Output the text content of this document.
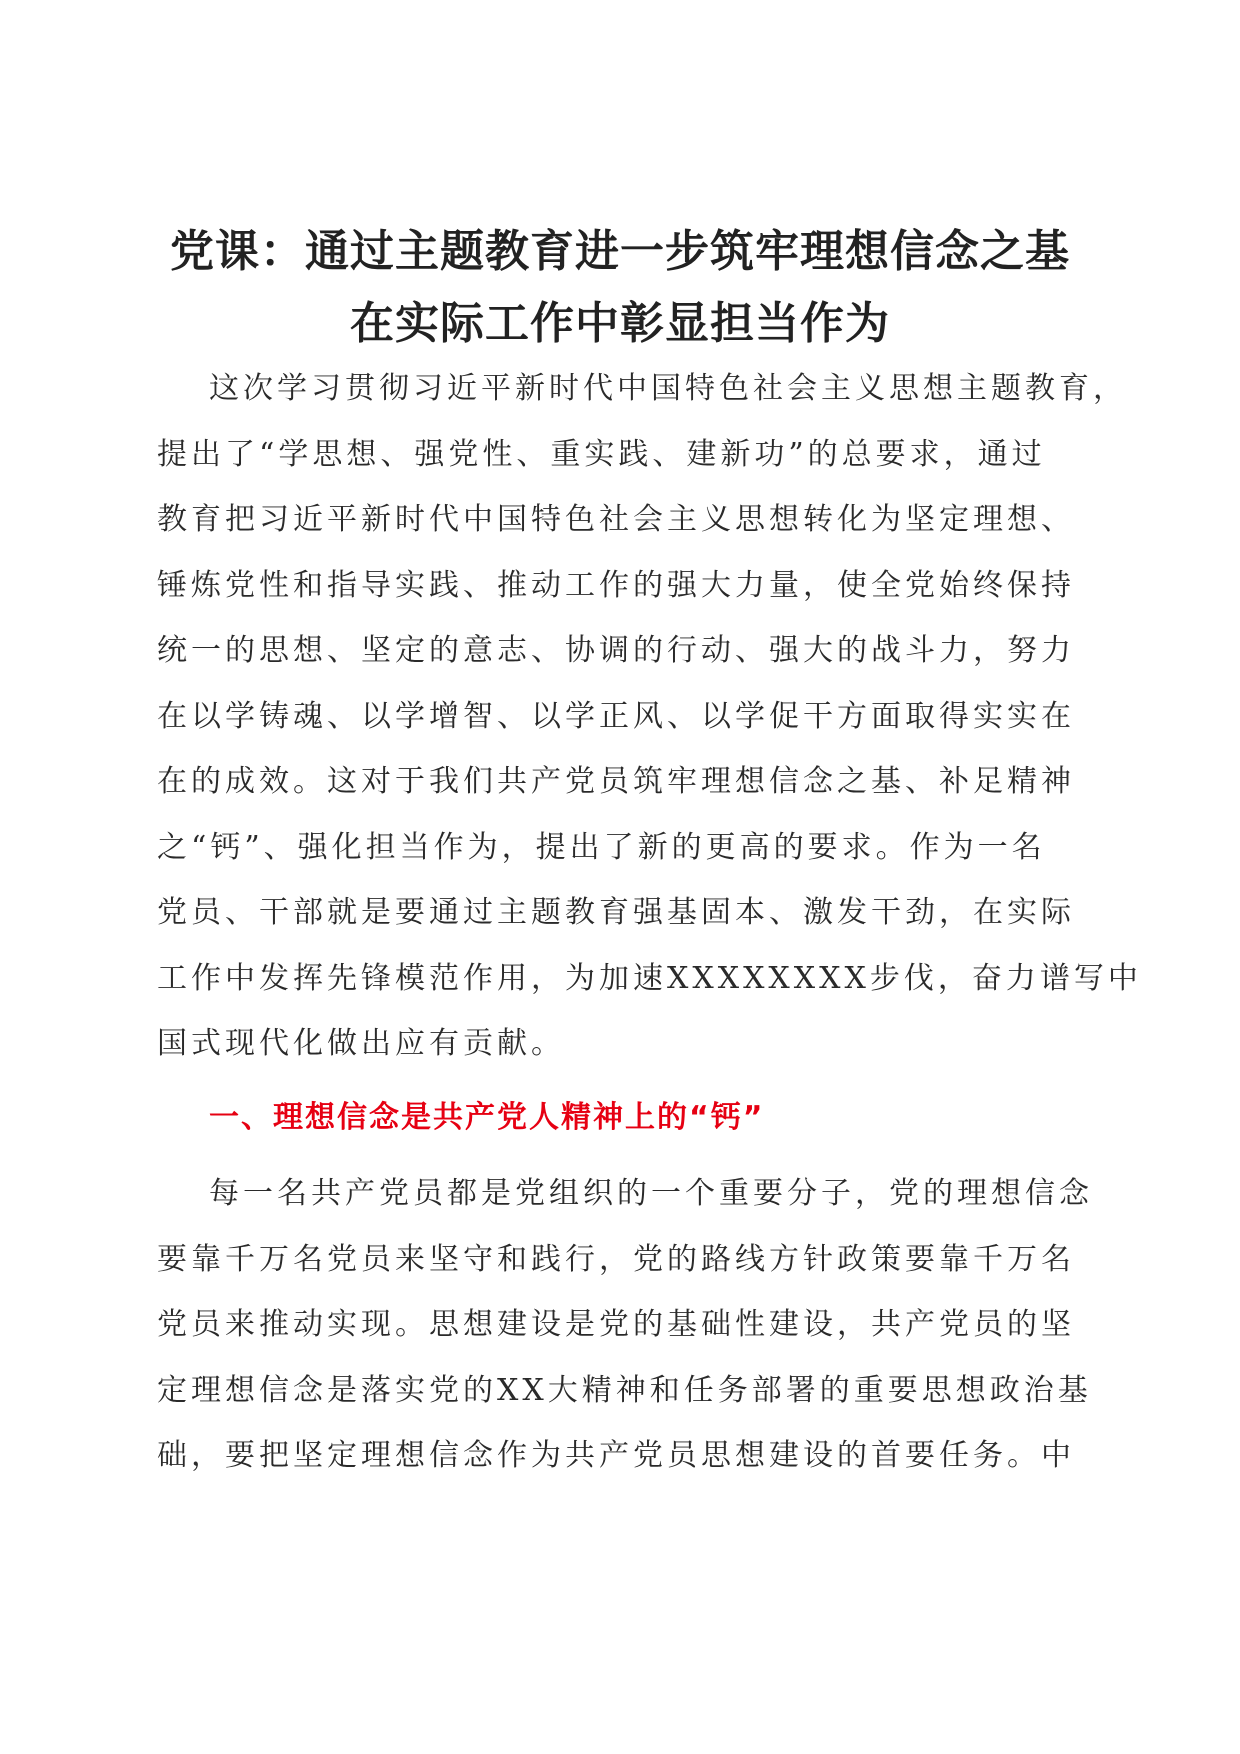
党课：通过主题教育进一步筑牢理想信念之基
在实际工作中彰显担当作为
这次学习贯彻习近平新时代中国特色社会主义思想主题教育，
提出了“学思想、强党性、重实践、建新功”的总要求，通过
教育把习近平新时代中国特色社会主义思想转化为坚定理想、
锤炼党性和指导实践、推动工作的强大力量，使全党始终保持
统一的思想、坚定的意志、协调的行动、强大的战斗力，努力
在以学铸魂、以学增智、以学正风、以学促干方面取得实实在
在的成效。这对于我们共产党员筑牢理想信念之基、补足精神
之“钙”、强化担当作为，提出了新的更高的要求。作为一名
党员、干部就是要通过主题教育强基固本、激发干劲，在实际
工作中发挥先锋模范作用，为加速XXXXXXXX步伐，奋力谱写中
国式现代化做出应有贡献。
一、理想信念是共产党人精神上的“钙”
每一名共产党员都是党组织的一个重要分子，党的理想信念
要靠千万名党员来坚守和践行，党的路线方针政策要靠千万名
党员来推动实现。思想建设是党的基础性建设，共产党员的坚
定理想信念是落实党的XX大精神和任务部署的重要思想政治基
础，要把坚定理想信念作为共产党员思想建设的首要任务。中
